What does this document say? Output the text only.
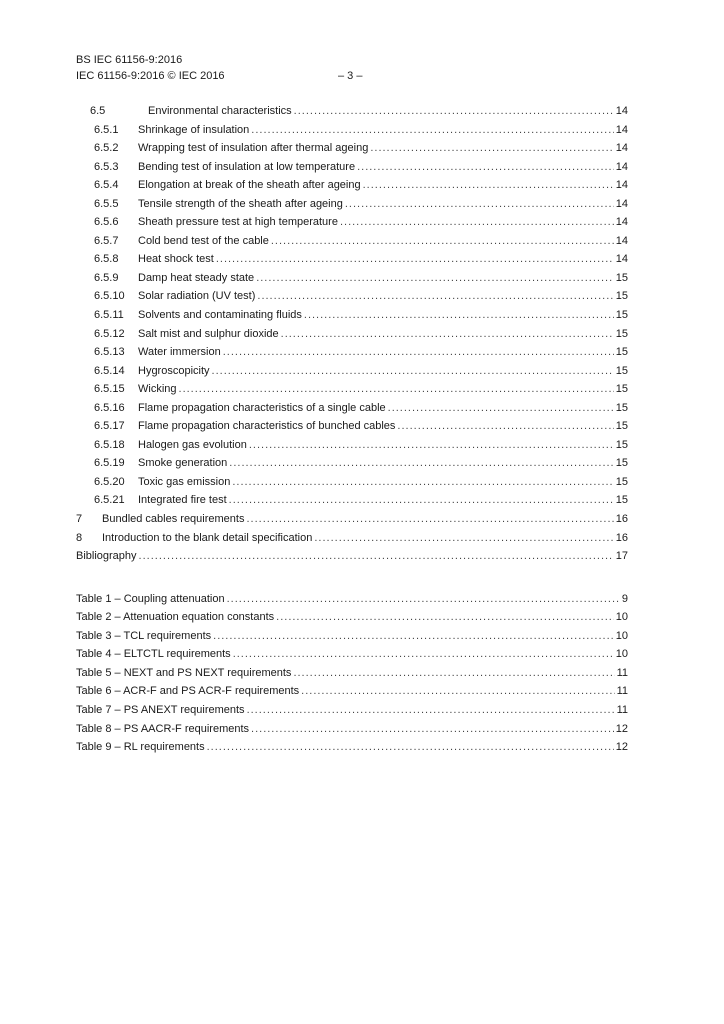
BS IEC 61156-9:2016
IEC 61156-9:2016 © IEC 2016	– 3 –
6.5	Environmental characteristics .....	14
6.5.1	Shrinkage of insulation .....	14
6.5.2	Wrapping test of insulation after thermal ageing .....	14
6.5.3	Bending test of insulation at low temperature .....	14
6.5.4	Elongation at break of the sheath after ageing .....	14
6.5.5	Tensile strength of the sheath after ageing .....	14
6.5.6	Sheath pressure test at high temperature .....	14
6.5.7	Cold bend test of the cable .....	14
6.5.8	Heat shock test .....	14
6.5.9	Damp heat steady state .....	15
6.5.10	Solar radiation (UV test) .....	15
6.5.11	Solvents and contaminating fluids .....	15
6.5.12	Salt mist and sulphur dioxide .....	15
6.5.13	Water immersion .....	15
6.5.14	Hygroscopicity .....	15
6.5.15	Wicking .....	15
6.5.16	Flame propagation characteristics of a single cable .....	15
6.5.17	Flame propagation characteristics of bunched cables .....	15
6.5.18	Halogen gas evolution .....	15
6.5.19	Smoke generation .....	15
6.5.20	Toxic gas emission .....	15
6.5.21	Integrated fire test .....	15
7	Bundled cables requirements .....	16
8	Introduction to the blank detail specification .....	16
Bibliography .....	17
Table 1 – Coupling attenuation .....	9
Table 2 – Attenuation equation constants .....	10
Table 3 – TCL requirements .....	10
Table 4 – ELTCTL requirements .....	10
Table 5 – NEXT and PS NEXT requirements .....	11
Table 6 – ACR-F and PS ACR-F requirements .....	11
Table 7 – PS ANEXT requirements .....	11
Table 8 – PS AACR-F requirements .....	12
Table 9 – RL requirements .....	12
